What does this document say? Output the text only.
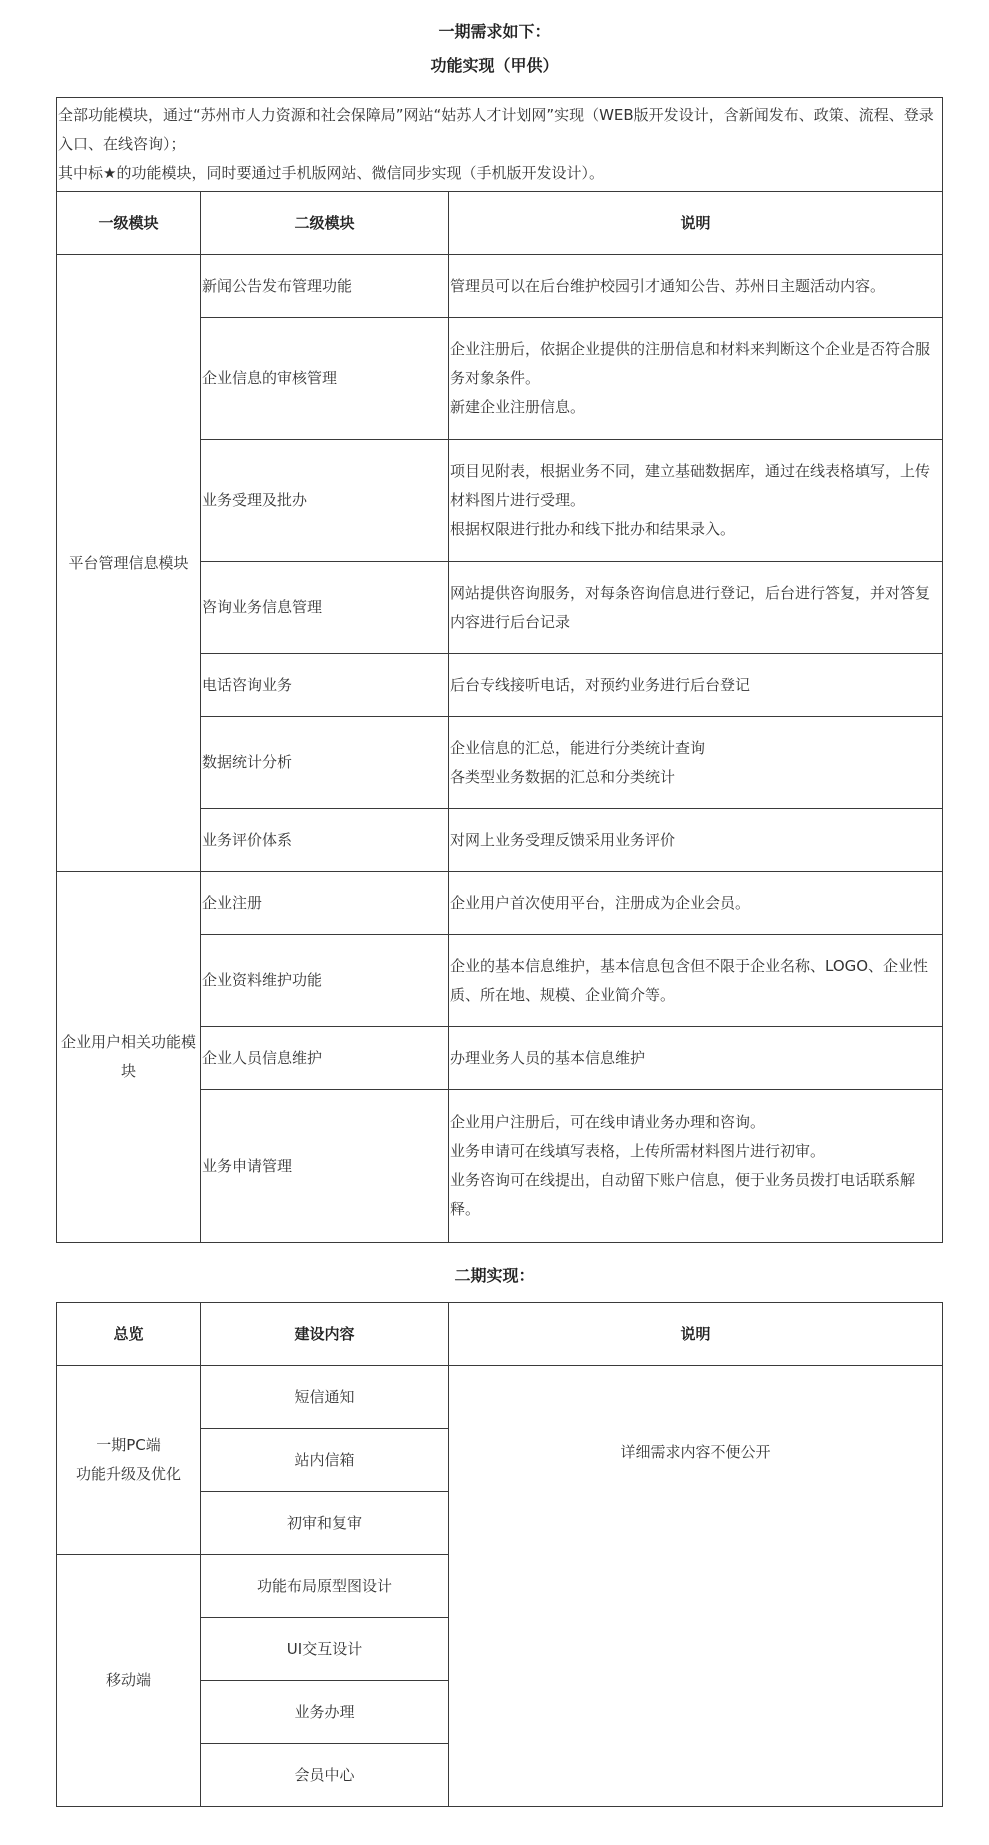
一期需求如下：
功能实现（甲供）
全部功能模块，通过“苏州市人力资源和社会保障局”网站“姑苏人才计划网”实现（WEB版开发设计，含新闻发布、政策、流程、登录入口、在线咨询）；
其中标★的功能模块，同时要通过手机版网站、微信同步实现（手机版开发设计）。		

一级模块	二级模块	说明
平台管理信息模块	新闻公告发布管理功能	管理员可以在后台维护校园引才通知公告、苏州日主题活动内容。

	企业信息的审核管理	企业注册后，依据企业提供的注册信息和材料来判断这个企业是否符合服务对象条件。
新建企业注册信息。

	业务受理及批办	项目见附表，根据业务不同，建立基础数据库，通过在线表格填写，上传材料图片进行受理。
根据权限进行批办和线下批办和结果录入。

	咨询业务信息管理	网站提供咨询服务，对每条咨询信息进行登记，后台进行答复，并对答复内容进行后台记录

	电话咨询业务	后台专线接听电话，对预约业务进行后台登记

	数据统计分析	企业信息的汇总，能进行分类统计查询
各类型业务数据的汇总和分类统计

	业务评价体系	对网上业务受理反馈采用业务评价

企业用户相关功能模块	企业注册	企业用户首次使用平台，注册成为企业会员。

	企业资料维护功能	企业的基本信息维护，基本信息包含但不限于企业名称、LOGO、企业性质、所在地、规模、企业简介等。

	企业人员信息维护	办理业务人员的基本信息维护

	业务申请管理	企业用户注册后，可在线申请业务办理和咨询。
业务申请可在线填写表格，上传所需材料图片进行初审。
业务咨询可在线提出，自动留下账户信息，便于业务员拨打电话联系解释。
二期实现：
总览	建设内容	说明

一期PC端
功能升级及优化	短信通知	详细需求内容不便公开
	站内信箱	
	初审和复审	

移动端	功能布局原型图设计	
	UI交互设计	
	业务办理	
	会员中心	
